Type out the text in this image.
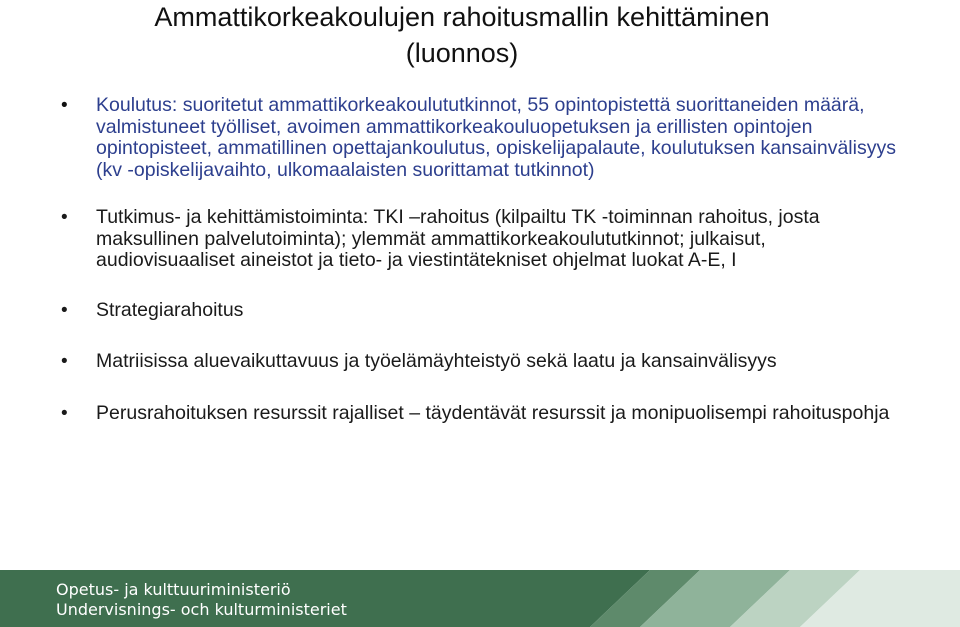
Ammattikorkeakoulujen rahoitusmallin kehittäminen
(luonnos)
• Koulutus: suoritetut ammattikorkeakoulututkinnot, 55 opintopistettä suorittaneiden määrä, valmistuneet työlliset, avoimen ammattikorkeakouluopetuksen ja erillisten opintojen opintopisteet, ammatillinen opettajankoulutus, opiskelijapalaute, koulutuksen kansainvälisyys (kv -opiskelijavaihto, ulkomaalaisten suorittamat tutkinnot)
• Tutkimus- ja kehittämistoiminta: TKI –rahoitus (kilpailtu TK -toiminnan rahoitus, josta maksullinen palvelutoiminta); ylemmät ammattikorkeakoulututkinnot; julkaisut, audiovisuaaliset aineistot ja tieto- ja viestintätekniset ohjelmat luokat A-E, I
• Strategiarahoitus
• Matriisissa aluevaikuttavuus ja työelämäyhteistyö sekä laatu ja kansainvälisyys
• Perusrahoituksen resurssit rajalliset – täydentävät resurssit ja monipuolisempi rahoituspohja
Opetus- ja kulttuuriministeriö
Undervisnings- och kulturministeriet
